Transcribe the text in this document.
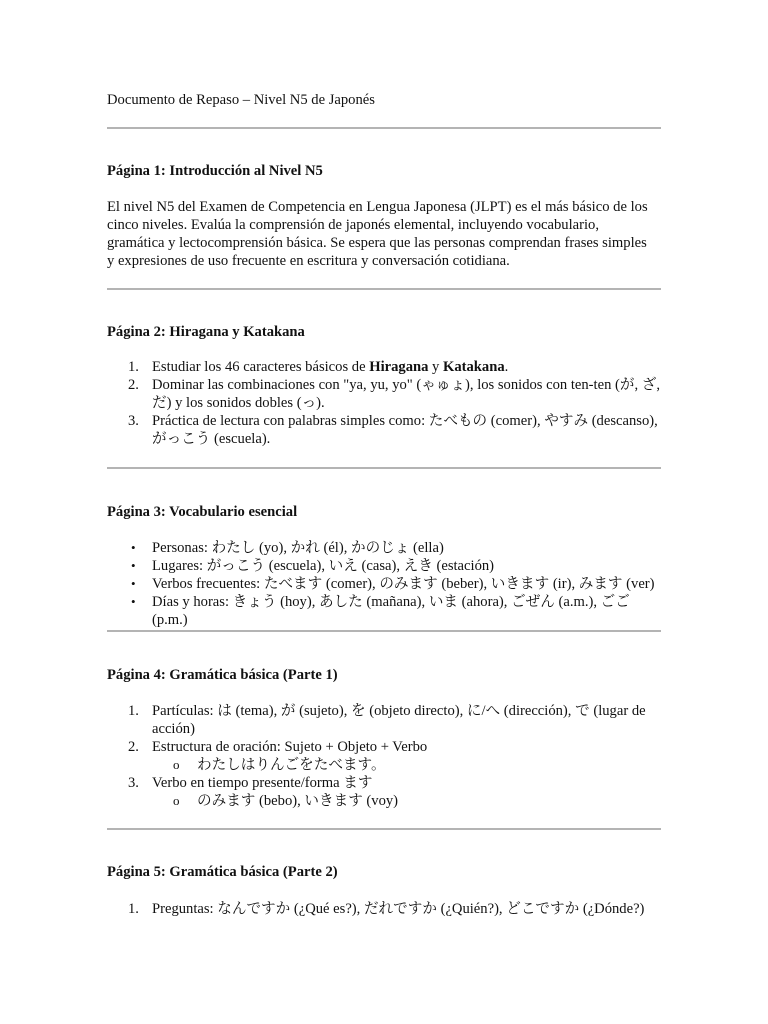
Documento de Repaso – Nivel N5 de Japonés
Página 1: Introducción al Nivel N5

El nivel N5 del Examen de Competencia en Lengua Japonesa (JLPT) es el más básico de los cinco niveles. Evalúa la comprensión de japonés elemental, incluyendo vocabulario, gramática y lectocomprensión básica. Se espera que las personas comprendan frases simples y expresiones de uso frecuente en escritura y conversación cotidiana.

Página 2: Hiragana y Katakana
1. Estudiar los 46 caracteres básicos de Hiragana y Katakana.
2. Dominar las combinaciones con "ya, yu, yo" (ゃゅょ), los sonidos con ten-ten (が, ざ, だ) y los sonidos dobles (っ).
3. Práctica de lectura con palabras simples como: たべもの (comer), やすみ (descanso), がっこう (escuela).
Página 3: Vocabulario esencial
• Personas: わたし (yo), かれ (él), かのじょ (ella)
• Lugares: がっこう (escuela), いえ (casa), えき (estación)
• Verbos frecuentes: たべます (comer), のみます (beber), いきます (ir), みます (ver)
• Días y horas: きょう (hoy), あした (mañana), いま (ahora), ごぜん (a.m.), ごご (p.m.)
Página 4: Gramática básica (Parte 1)
1. Partículas: は (tema), が (sujeto), を (objeto directo), に/へ (dirección), で (lugar de acción)
2. Estructura de oración: Sujeto + Objeto + Verbo
o わたしはりんごをたべます。
3. Verbo en tiempo presente/forma ます
o のみます (bebo), いきます (voy)
Página 5: Gramática básica (Parte 2)
1. Preguntas: なんですか (¿Qué es?), だれですか (¿Quién?), どこですか (¿Dónde?)
